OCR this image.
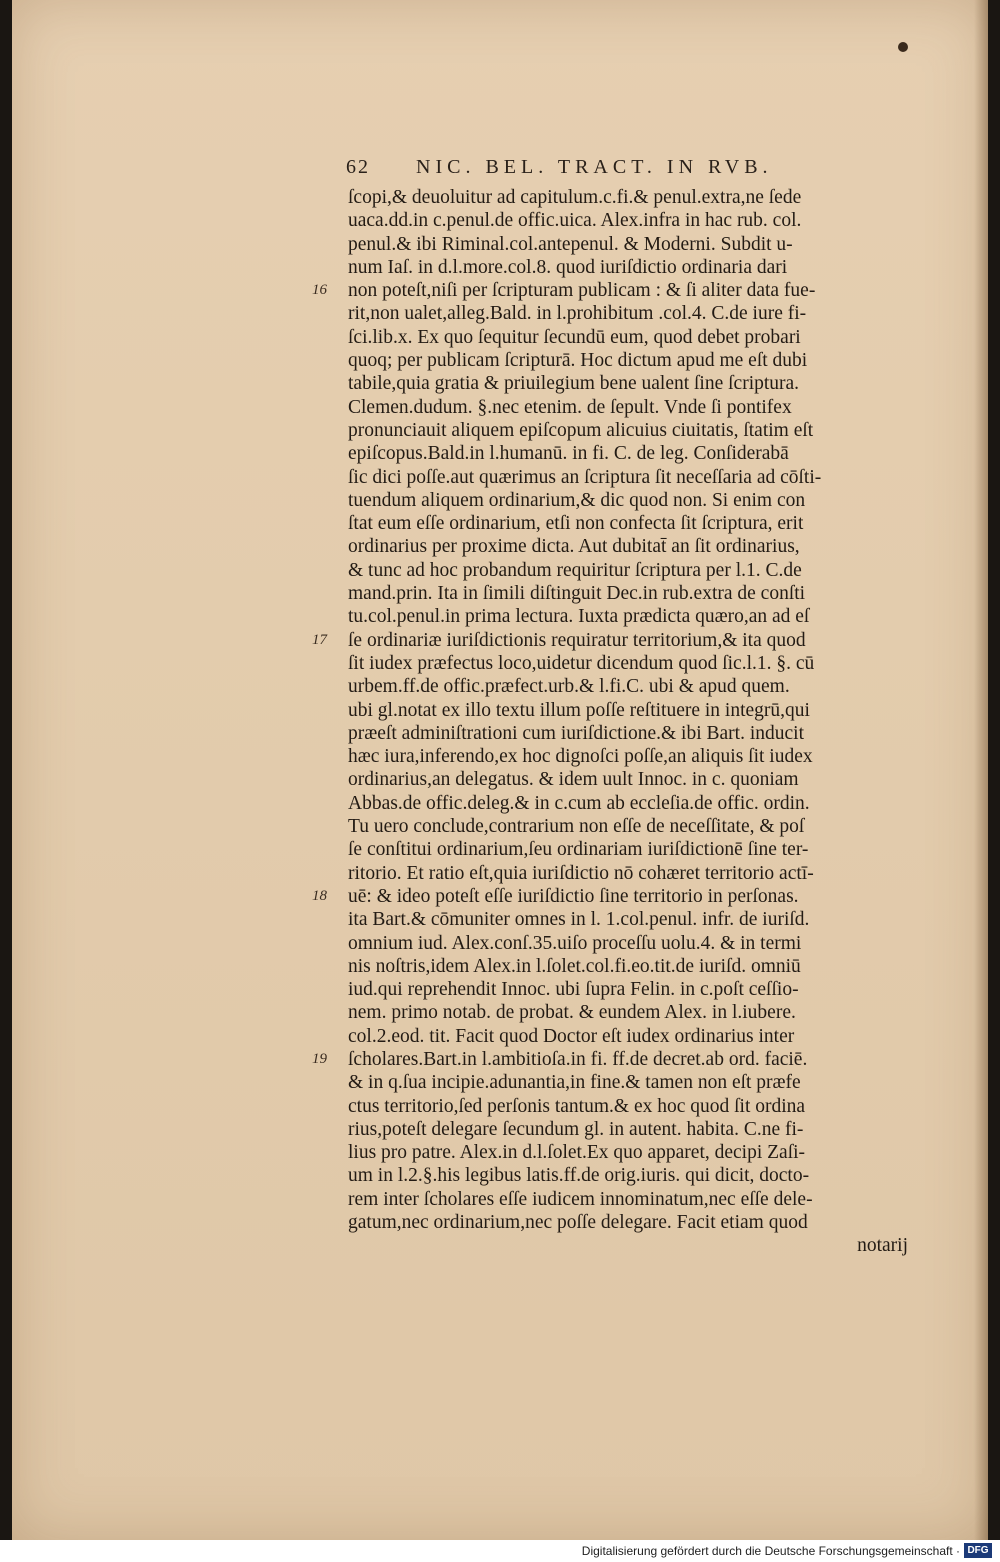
62 NIC. BEL. TRACT. IN RVB.
ſcopi,& deuoluitur ad capitulum.c.fi.& penul.extra,ne ſede
uaca.dd.in c.penul.de offic.uica. Alex.infra in hac rub. col.
penul.& ibi Riminal.col.antepenul. & Moderni. Subdit u-
num Iaſ. in d.l.more.col.8. quod iuriſdictio ordinaria dari
non poteſt,niſi per ſcripturam publicam : & ſi aliter data fue-
rit,non ualet,alleg.Bald. in l.prohibitum .col.4. C.de iure fi-
ſci.lib.x. Ex quo ſequitur ſecundū eum, quod debet probari
quoq; per publicam ſcripturā. Hoc dictum apud me eſt dubi
tabile,quia gratia & priuilegium bene ualent ſine ſcriptura.
Clemen.dudum. §.nec etenim. de ſepult. Vnde ſi pontifex
pronunciauit aliquem epiſcopum alicuius ciuitatis, ſtatim eſt
epiſcopus.Bald.in l.humanū. in fi. C. de leg. Conſiderabā
ſic dici poſſe.aut quærimus an ſcriptura ſit neceſſaria ad cōſti-
tuendum aliquem ordinarium,& dic quod non. Si enim con
ſtat eum eſſe ordinarium, etſi non confecta ſit ſcriptura, erit
ordinarius per proxime dicta. Aut dubitat̄ an ſit ordinarius,
& tunc ad hoc probandum requiritur ſcriptura per l.1. C.de
mand.prin. Ita in ſimili diſtinguit Dec.in rub.extra de conſti
tu.col.penul.in prima lectura. Iuxta prædicta quæro,an ad eſ
ſe ordinariæ iuriſdictionis requiratur territorium,& ita quod
ſit iudex præfectus loco,uidetur dicendum quod ſic.l.1. §. cū
urbem.ff.de offic.præfect.urb.& l.fi.C. ubi & apud quem.
ubi gl.notat ex illo textu illum poſſe reſtituere in integrū,qui
præeſt adminiſtrationi cum iuriſdictione.& ibi Bart. inducit
hæc iura,inferendo,ex hoc dignoſci poſſe,an aliquis ſit iudex
ordinarius,an delegatus. & idem uult Innoc. in c. quoniam
Abbas.de offic.deleg.& in c.cum ab eccleſia.de offic. ordin.
Tu uero conclude,contrarium non eſſe de neceſſitate, & poſ
ſe conſtitui ordinarium,ſeu ordinariam iuriſdictionē ſine ter-
ritorio. Et ratio eſt,quia iuriſdictio nō cohæret territorio actī-
uē: & ideo poteſt eſſe iuriſdictio ſine territorio in perſonas.
ita Bart.& cōmuniter omnes in l. 1.col.penul. infr. de iuriſd.
omnium iud. Alex.conſ.35.uiſo proceſſu uolu.4. & in termi
nis noſtris,idem Alex.in l.ſolet.col.fi.eo.tit.de iuriſd. omniū
iud.qui reprehendit Innoc. ubi ſupra Felin. in c.poſt ceſſio-
nem. primo notab. de probat. & eundem Alex. in l.iubere.
col.2.eod. tit. Facit quod Doctor eſt iudex ordinarius inter
ſcholares.Bart.in l.ambitioſa.in fi. ff.de decret.ab ord. faciē.
& in q.ſua incipie.adunantia,in fine.& tamen non eſt præfe
ctus territorio,ſed perſonis tantum.& ex hoc quod ſit ordina
rius,poteſt delegare ſecundum gl. in autent. habita. C.ne fi-
lius pro patre. Alex.in d.l.ſolet.Ex quo apparet, decipi Zaſi-
um in l.2.§.his legibus latis.ff.de orig.iuris. qui dicit, docto-
rem inter ſcholares eſſe iudicem innominatum,nec eſſe dele-
gatum,nec ordinarium,nec poſſe delegare. Facit etiam quod
notarij
16
17
18
19
Digitalisierung gefördert durch die Deutsche Forschungsgemeinschaft · DFG
